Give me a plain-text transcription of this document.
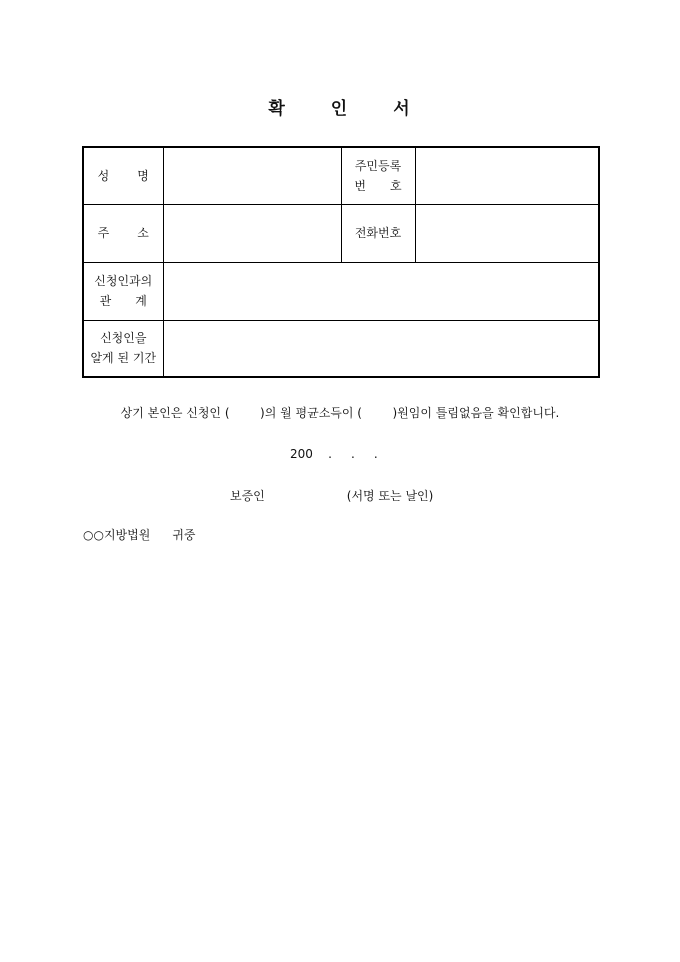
확	인	서
성 명		주민등록
번 호	

주 소		전화번호	

신청인과의
관 계			

신청인을
알게 된 기간			

상기 본인은 신청인 (        )의 월 평균소득이 (        )원임이 틀림없음을 확인합니다.
200    .     .     .
보증인	(서명 또는 날인)
○○지방법원 귀중
